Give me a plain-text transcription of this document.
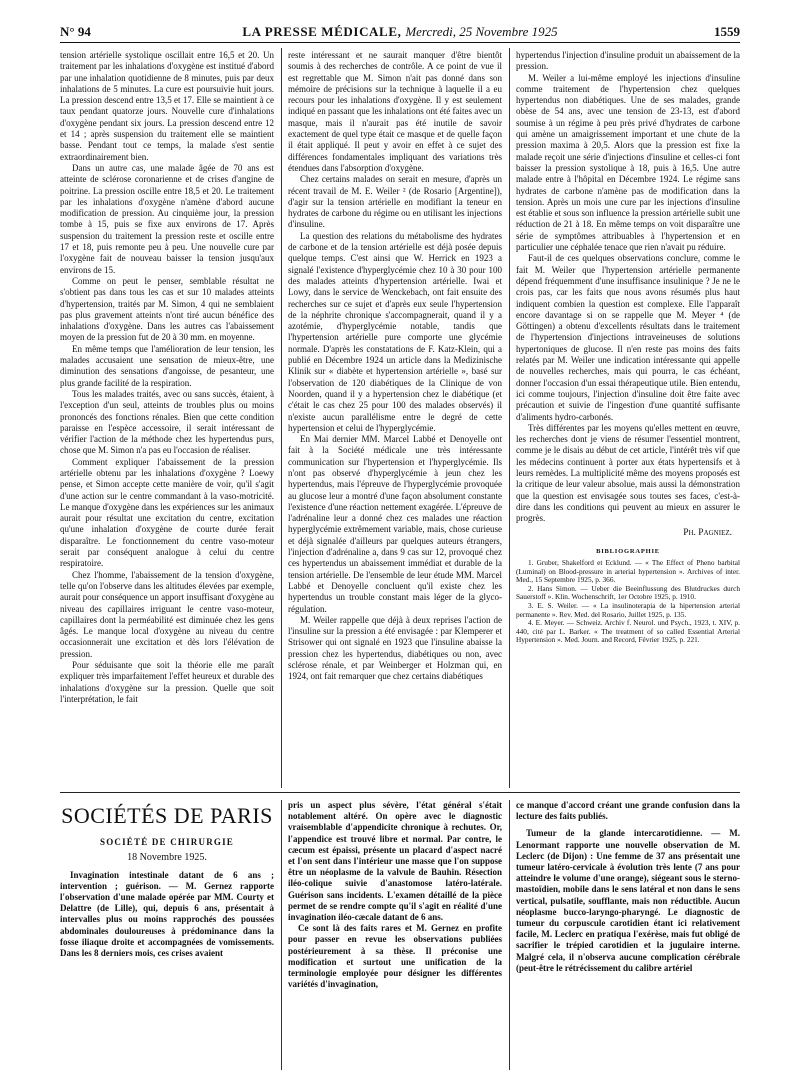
N° 94	LA PRESSE MÉDICALE, Mercredi, 25 Novembre 1925	1559

tension artérielle systolique oscillait entre 16,5 et 20. Un traitement par les inhalations d'oxygène est institué d'abord par une inhalation quotidienne de 8 minutes, puis par deux inhalations de 5 minutes. La cure est poursuivie huit jours. La pression descend entre 13,5 et 17. Elle se maintient à ce taux pendant quatorze jours. Nouvelle cure d'inhalations d'oxygène pendant six jours. La pression descend entre 12 et 14 ; après suspension du traitement elle se maintient basse. Pendant tout ce temps, la malade s'est sentie extraordinairement bien.

Dans un autre cas, une malade âgée de 70 ans est atteinte de sclérose coronarienne et de crises d'angine de poitrine. La pression oscille entre 18,5 et 20. Le traitement par les inhalations d'oxygène n'amène d'abord aucune modification de pression. Au cinquième jour, la pression tombe à 15, puis se fixe aux environs de 17. Après suspension du traitement la pression reste et oscille entre 17 et 18, puis remonte peu à peu. Une nouvelle cure par l'oxygène fait de nouveau baisser la tension jusqu'aux environs de 15.

Comme on peut le penser, semblable résultat ne s'obtient pas dans tous les cas et sur 10 malades atteints d'hypertension, traités par M. Simon, 4 qui ne semblaient pas plus gravement atteints n'ont tiré aucun bénéfice des inhalations d'oxygène. Dans les autres cas l'abaissement moyen de la pression fut de 20 à 30 mm. en moyenne.

En même temps que l'amélioration de leur tension, les malades accusaient une sensation de mieux-être, une diminution des sensations d'angoisse, de pesanteur, une plus grande facilité de la respiration.

Tous les malades traités, avec ou sans succès, étaient, à l'exception d'un seul, atteints de troubles plus ou moins prononcés des fonctions rénales. Bien que cette condition paraisse en l'espèce accessoire, il serait intéressant de vérifier l'action de la méthode chez les hypertendus purs, chose que M. Simon n'a pas eu l'occasion de réaliser.

Comment expliquer l'abaissement de la pression artérielle obtenu par les inhalations d'oxygène ? Loewy pense, et Simon accepte cette manière de voir, qu'il s'agit d'une action sur le centre commandant à la vaso-motricité. Le manque d'oxygène dans les expériences sur les animaux aurait pour résultat une excitation du centre, excitation qu'une inhalation d'oxygène de courte durée ferait disparaître. Le fonctionnement du centre vaso-moteur serait par conséquent analogue à celui du centre respiratoire.

Chez l'homme, l'abaissement de la tension d'oxygène, telle qu'on l'observe dans les altitudes élevées par exemple, aurait pour conséquence un apport insuffisant d'oxygène au niveau des capillaires irriguant le centre vaso-moteur, capillaires dont la perméabilité est diminuée chez les gens âgés. Le manque local d'oxygène au niveau du centre occasionnerait une excitation et dès lors l'élévation de pression.

Pour séduisante que soit la théorie elle me paraît expliquer très imparfaitement l'effet heureux et durable des inhalations d'oxygène sur la pression. Quelle que soit l'interprétation, le fait

reste intéressant et ne saurait manquer d'être bientôt soumis à des recherches de contrôle. A ce point de vue il est regrettable que M. Simon n'ait pas donné dans son mémoire de précisions sur la technique à laquelle il a eu recours pour les inhalations d'oxygène. Il y est seulement indiqué en passant que les inhalations ont été faites avec un masque, mais il n'aurait pas été inutile de savoir exactement de quel type était ce masque et de quelle façon il était appliqué. Il peut y avoir en effet à ce sujet des différences fondamentales impliquant des variations très étendues dans l'absorption d'oxygène.

Chez certains malades on serait en mesure, d'après un récent travail de M. E. Weiler ² (de Rosario [Argentine]), d'agir sur la tension artérielle en modifiant la teneur en hydrates de carbone du régime ou en utilisant les injections d'insuline.

La question des relations du métabolisme des hydrates de carbone et de la tension artérielle est déjà posée depuis quelque temps. C'est ainsi que W. Herrick en 1923 a signalé l'existence d'hyperglycémie chez 10 à 30 pour 100 des malades atteints d'hypertension artérielle. Iwai et Lowy, dans le service de Wenckebach, ont fait ensuite des recherches sur ce sujet et d'après eux seule l'hypertension de la néphrite chronique s'accompagnerait, quand il y a azotémie, d'hyperglycémie notable, tandis que l'hypertension artérielle pure comporte une glycémie normale. D'après les constatations de F. Katz-Klein, qui a publié en Décembre 1924 un article dans la Medizinische Klinik sur « diabète et hypertension artérielle », basé sur l'observation de 120 diabétiques de la Clinique de von Noorden, quand il y a hypertension chez le diabétique (et c'était le cas chez 25 pour 100 des malades observés) il n'existe aucun parallélisme entre le degré de cette hypertension et celui de l'hyperglycémie.

En Mai dernier MM. Marcel Labbé et Denoyelle ont fait à la Société médicale une très intéressante communication sur l'hypertension et l'hyperglycémie. Ils n'ont pas observé d'hyperglycémie à jeun chez les hypertendus, mais l'épreuve de l'hyperglycémie provoquée au glucose leur a montré d'une façon absolument constante l'existence d'une réaction nettement exagérée. L'épreuve de l'adrénaline leur a donné chez ces malades une réaction hyperglycémie extrêmement variable, mais, chose curieuse et déjà signalée d'ailleurs par quelques auteurs étrangers, l'injection d'adrénaline a, dans 9 cas sur 12, provoqué chez ces hypertendus un abaissement immédiat et durable de la tension artérielle. De l'ensemble de leur étude MM. Marcel Labbé et Denoyelle concluent qu'il existe chez les hypertendus un trouble constant mais léger de la glyco-régulation.

M. Weiler rappelle que déjà à deux reprises l'action de l'insuline sur la pression a été envisagée : par Klemperer et Strisower qui ont signalé en 1923 que l'insuline abaisse la pression chez les hypertendus, diabétiques ou non, avec sclérose rénale, et par Weinberger et Holzman qui, en 1924, ont fait remarquer que chez certains diabétiques

hypertendus l'injection d'insuline produit un abaissement de la pression.

M. Weiler a lui-même employé les injections d'insuline comme traitement de l'hypertension chez quelques hypertendus non diabétiques. Une de ses malades, grande obèse de 54 ans, avec une tension de 23-13, est d'abord soumise à un régime à peu près privé d'hydrates de carbone qui amène un amaigrissement important et une chute de la pression maxima à 20,5. Alors que la pression est fixe la malade reçoit une série d'injections d'insuline et celles-ci font baisser la pression systolique à 18, puis à 16,5. Une autre malade entre à l'hôpital en Décembre 1924. Le régime sans hydrates de carbone n'amène pas de modification dans la tension. Après un mois une cure par les injections d'insuline est établie et sous son influence la pression artérielle subit une réduction de 21 à 18. En même temps on voit disparaître une série de symptômes attribuables à l'hypertension et en particulier une céphalée tenace que rien n'avait pu réduire.

Faut-il de ces quelques observations conclure, comme le fait M. Weiler que l'hypertension artérielle permanente dépend fréquemment d'une insuffisance insulinique ? Je ne le crois pas, car les faits que nous avons résumés plus haut indiquent combien la question est complexe. Elle l'apparaît encore davantage si on se rappelle que M. Meyer ⁴ (de Göttingen) a obtenu d'excellents résultats dans le traitement de l'hypertension d'injections intraveineuses de solutions hypertoniques de glucose. Il n'en reste pas moins des faits relatés par M. Weiler une indication intéressante qui appelle de nouvelles recherches, mais qui pourra, le cas échéant, donner l'occasion d'un essai thérapeutique utile. Bien entendu, ici comme toujours, l'injection d'insuline doit être faite avec précaution et suivie de l'ingestion d'une quantité suffisante d'aliments hydro-carbonés.

Très différentes par les moyens qu'elles mettent en œuvre, les recherches dont je viens de résumer l'essentiel montrent, comme je le disais au début de cet article, l'intérêt très vif que les médecins continuent à porter aux états hypertensifs et à leurs remèdes. La multiplicité même des moyens proposés est la critique de leur valeur absolue, mais aussi la démonstration que la question est envisagée sous toutes ses faces, c'est-à-dire dans les conditions qui peuvent au mieux en assurer le progrès.

Ph. Pagniez.
BIBLIOGRAPHIE

1. Gruber, Shakelford et Ecklund. — « The Effect of Pheno barbital (Luminal) on Blood-pressure in arterial hypertension ». Archives of inter. Med., 15 Septembre 1925, p. 366.

2. Hans Simon. — Ueber die Beeinflussung des Blutdruckes durch Sauerstoff ». Klin. Wochenschrift, 1er Octobre 1925, p. 1910.

3. E. S. Weiler. — « La insulinoterapia de la hipertension arterial permanente ». Rev. Med. del Rosario, Juillet 1925, p. 135.

4. E. Meyer. — Schweiz. Archiv f. Neurol. und Psych., 1923, t. XIV, p. 440, cité par L. Barker. « The treatment of so called Essential Arterial Hypertension ». Med. Journ. and Record, Février 1925, p. 221.

SOCIÉTÉS DE PARIS
SOCIÉTÉ DE CHIRURGIE
18 Novembre 1925.

Invagination intestinale datant de 6 ans ; intervention ; guérison. — M. Gernez rapporte l'observation d'une malade opérée par MM. Courty et Delattre (de Lille), qui, depuis 6 ans, présentait à intervalles plus ou moins rapprochés des poussées abdominales douloureuses à prédominance dans la fosse iliaque droite et accompagnées de vomissements. Dans les 8 derniers mois, ces crises avaient

pris un aspect plus sévère, l'état général s'était notablement altéré. On opère avec le diagnostic vraisemblable d'appendicite chronique à rechutes. Or, l'appendice est trouvé libre et normal. Par contre, le cæcum est épaissi, présente un placard d'aspect nacré et l'on sent dans l'intérieur une masse que l'on suppose être un néoplasme de la valvule de Bauhin. Résection iléo-colique suivie d'anastomose latéro-latérale. Guérison sans incidents. L'examen détaillé de la pièce permet de se rendre compte qu'il s'agit en réalité d'une invagination iléo-cæcale datant de 6 ans.

Ce sont là des faits rares et M. Gernez en profite pour passer en revue les observations publiées postérieurement à sa thèse. Il préconise une modification et surtout une unification de la terminologie employée pour désigner les différentes variétés d'invagination,

ce manque d'accord créant une grande confusion dans la lecture des faits publiés.

Tumeur de la glande intercarotidienne. — M. Lenormant rapporte une nouvelle observation de M. Leclerc (de Dijon) : Une femme de 37 ans présentait une tumeur latéro-cervicale à évolution très lente (7 ans pour atteindre le volume d'une orange), siégeant sous le sterno-mastoïdien, mobile dans le sens latéral et non dans le sens vertical, pulsatile, soufflante, mais non réductible. Aucun néoplasme bucco-laryngo-pharyngé. Le diagnostic de tumeur du corpuscule carotidien étant ici relativement facile, M. Leclerc en pratiqua l'exérèse, mais fut obligé de sacrifier le trépied carotidien et la jugulaire interne. Malgré cela, il n'observa aucune complication cérébrale (peut-être le rétrécissement du calibre artériel
